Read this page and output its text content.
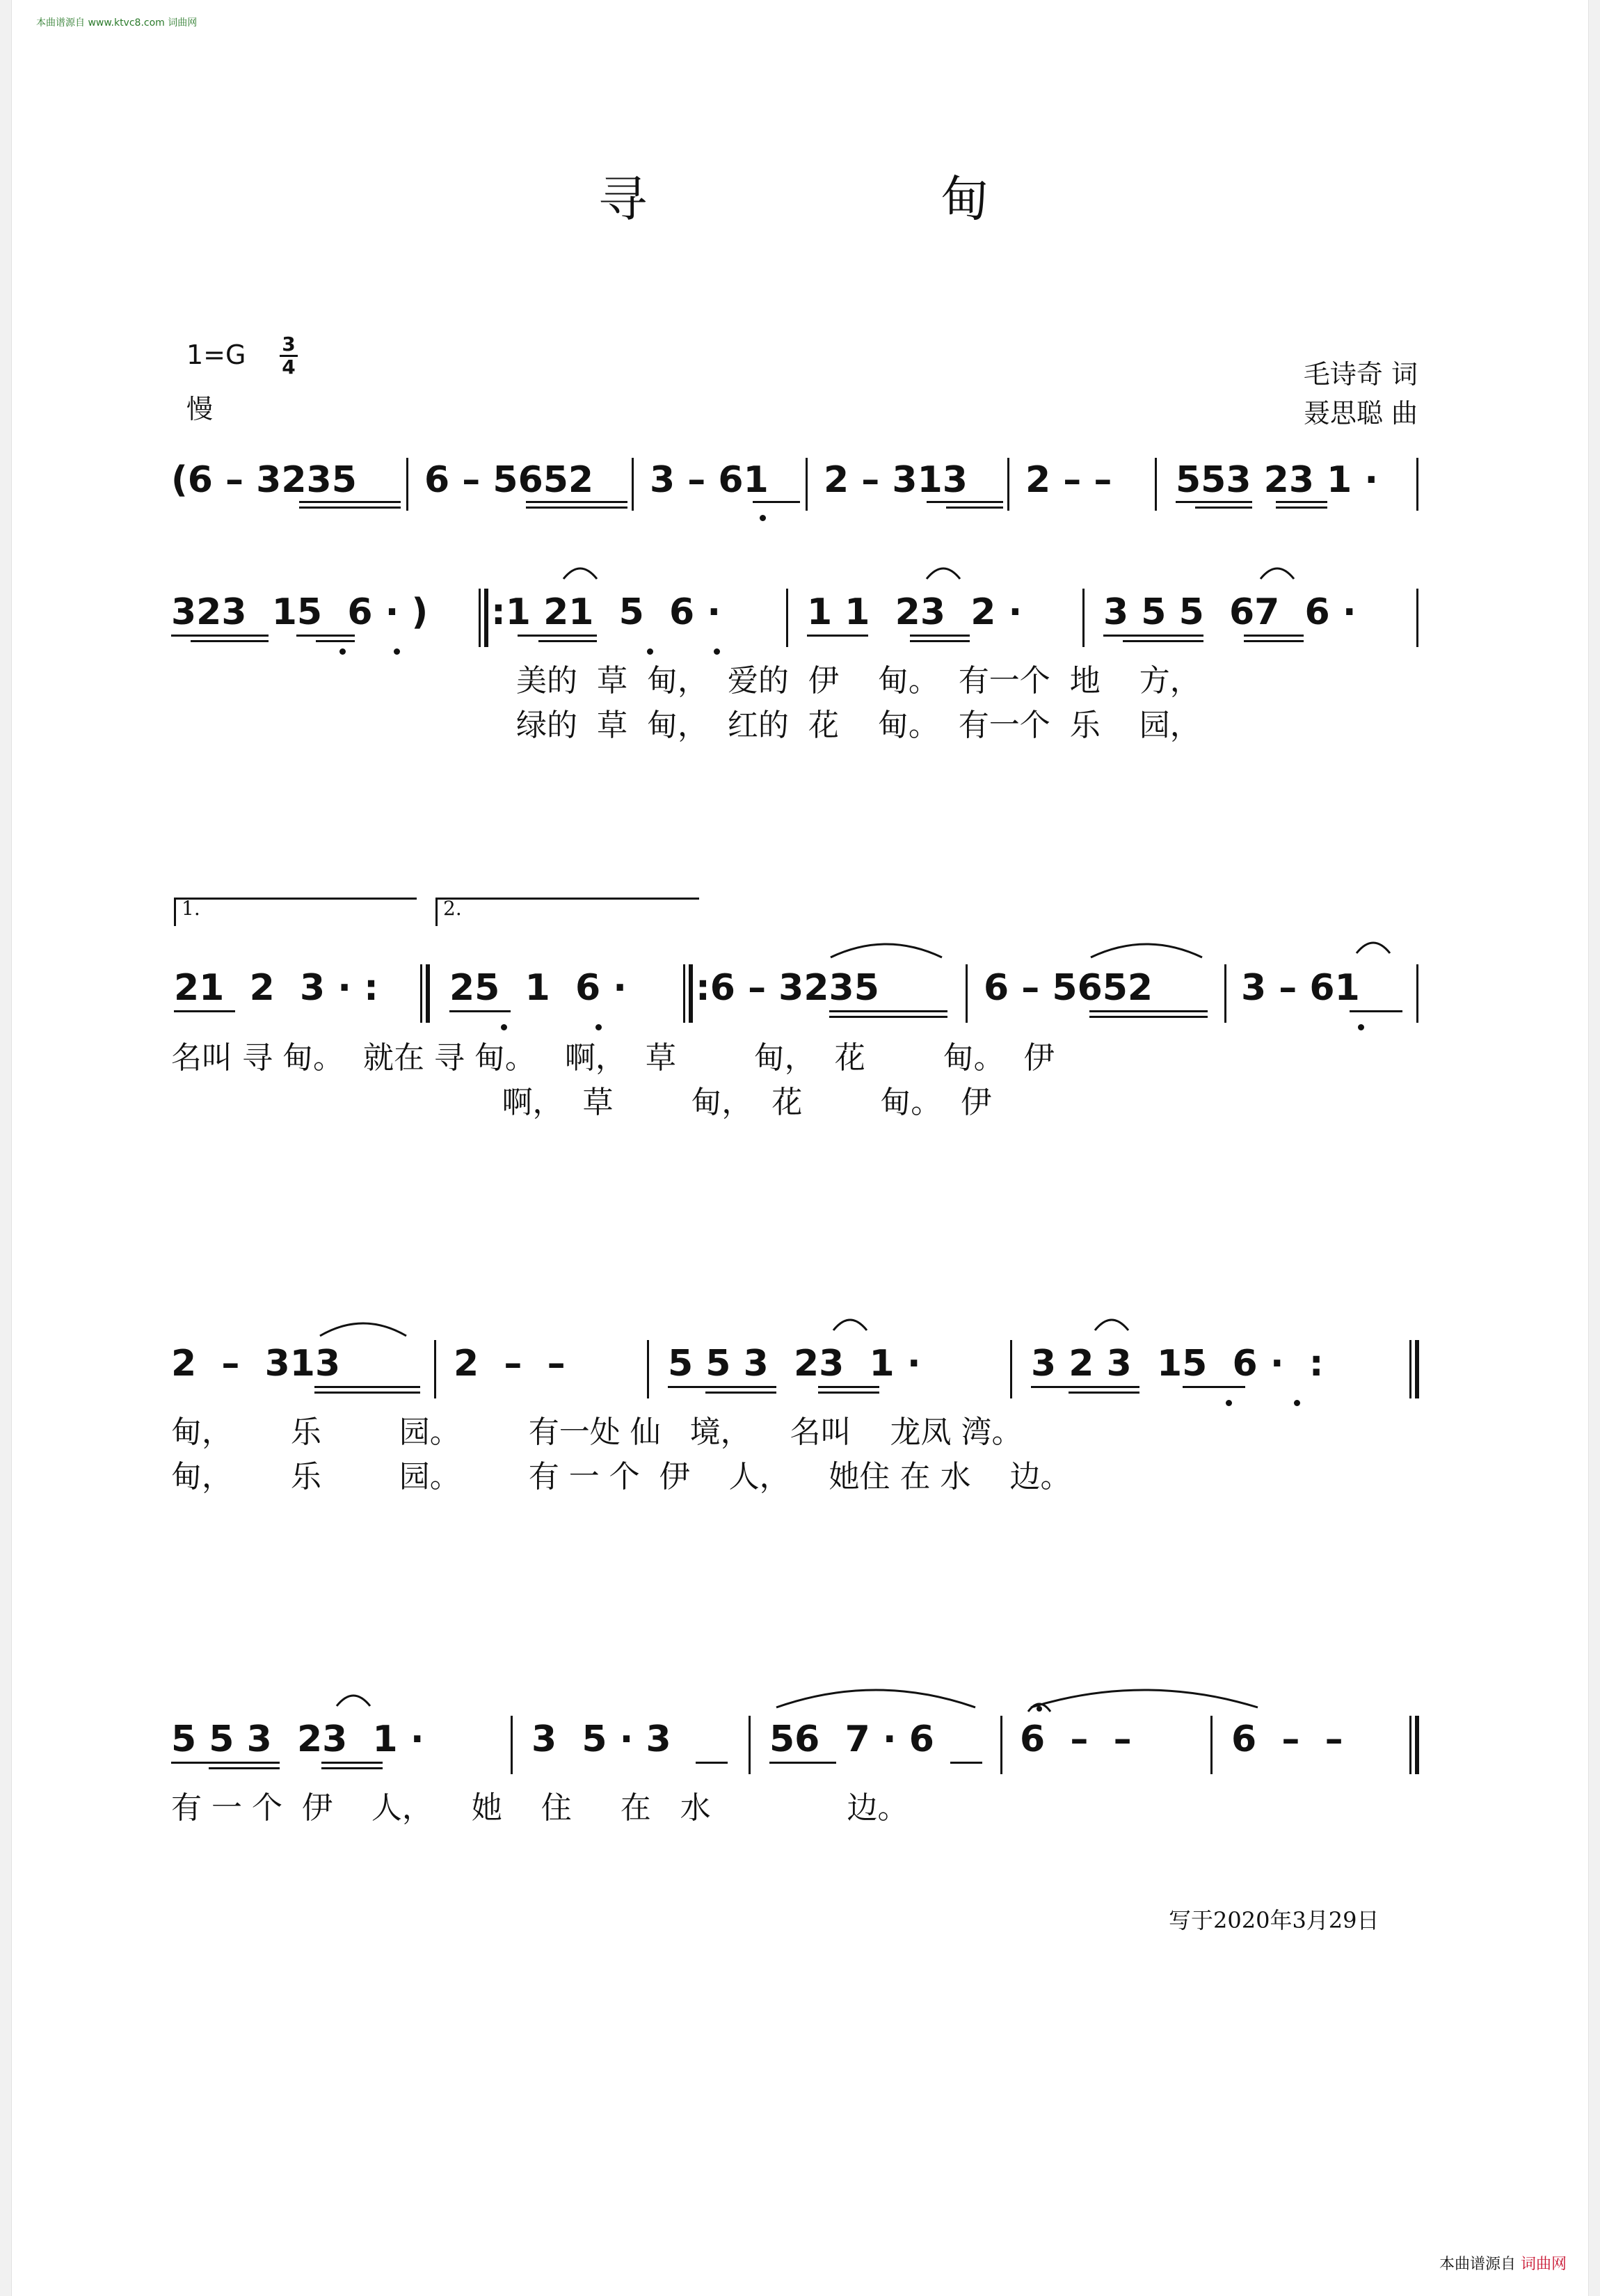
本曲谱源自 www.ktvc8.com 词曲网
寻	甸
1=G 3
4
慢
毛诗奇 词
聂思聪 曲
(6 – 3235 6 – 5652 3 – 61 2 – 313 2 – – 553 23 1 ·
323  15  6 · ) :1 21  5  6 · 1 1  23  2 · 3 5 5  67  6 ·
美的  草  甸，  爱的  伊    甸。  有一个  地    方，
绿的  草  甸，  红的  花    甸。  有一个  乐    园，
1.	2.
21  2  3 · : 25  1  6 · :6 – 3235	6 – 5652 3 – 61
名叫 寻 甸。  就在 寻 甸。   啊，  草        甸，  花        甸。  伊
啊，  草        甸，  花        甸。  伊
2  –  313	2  –  –	5 5 3  23  1 ·	3 2 3  15  6 ·  :
甸，      乐        园。       有一处 仙   境，    名叫    龙凤 湾。
甸，      乐        园。       有 一 个  伊    人，    她住 在 水    边。
5 5 3  23  1 ·	3  5 · 3	56  7 · 6 6  –  –	6  –  –
有 一 个  伊    人，    她    住     在   水              边。
写于2020年3月29日
本曲谱源自 词曲网
